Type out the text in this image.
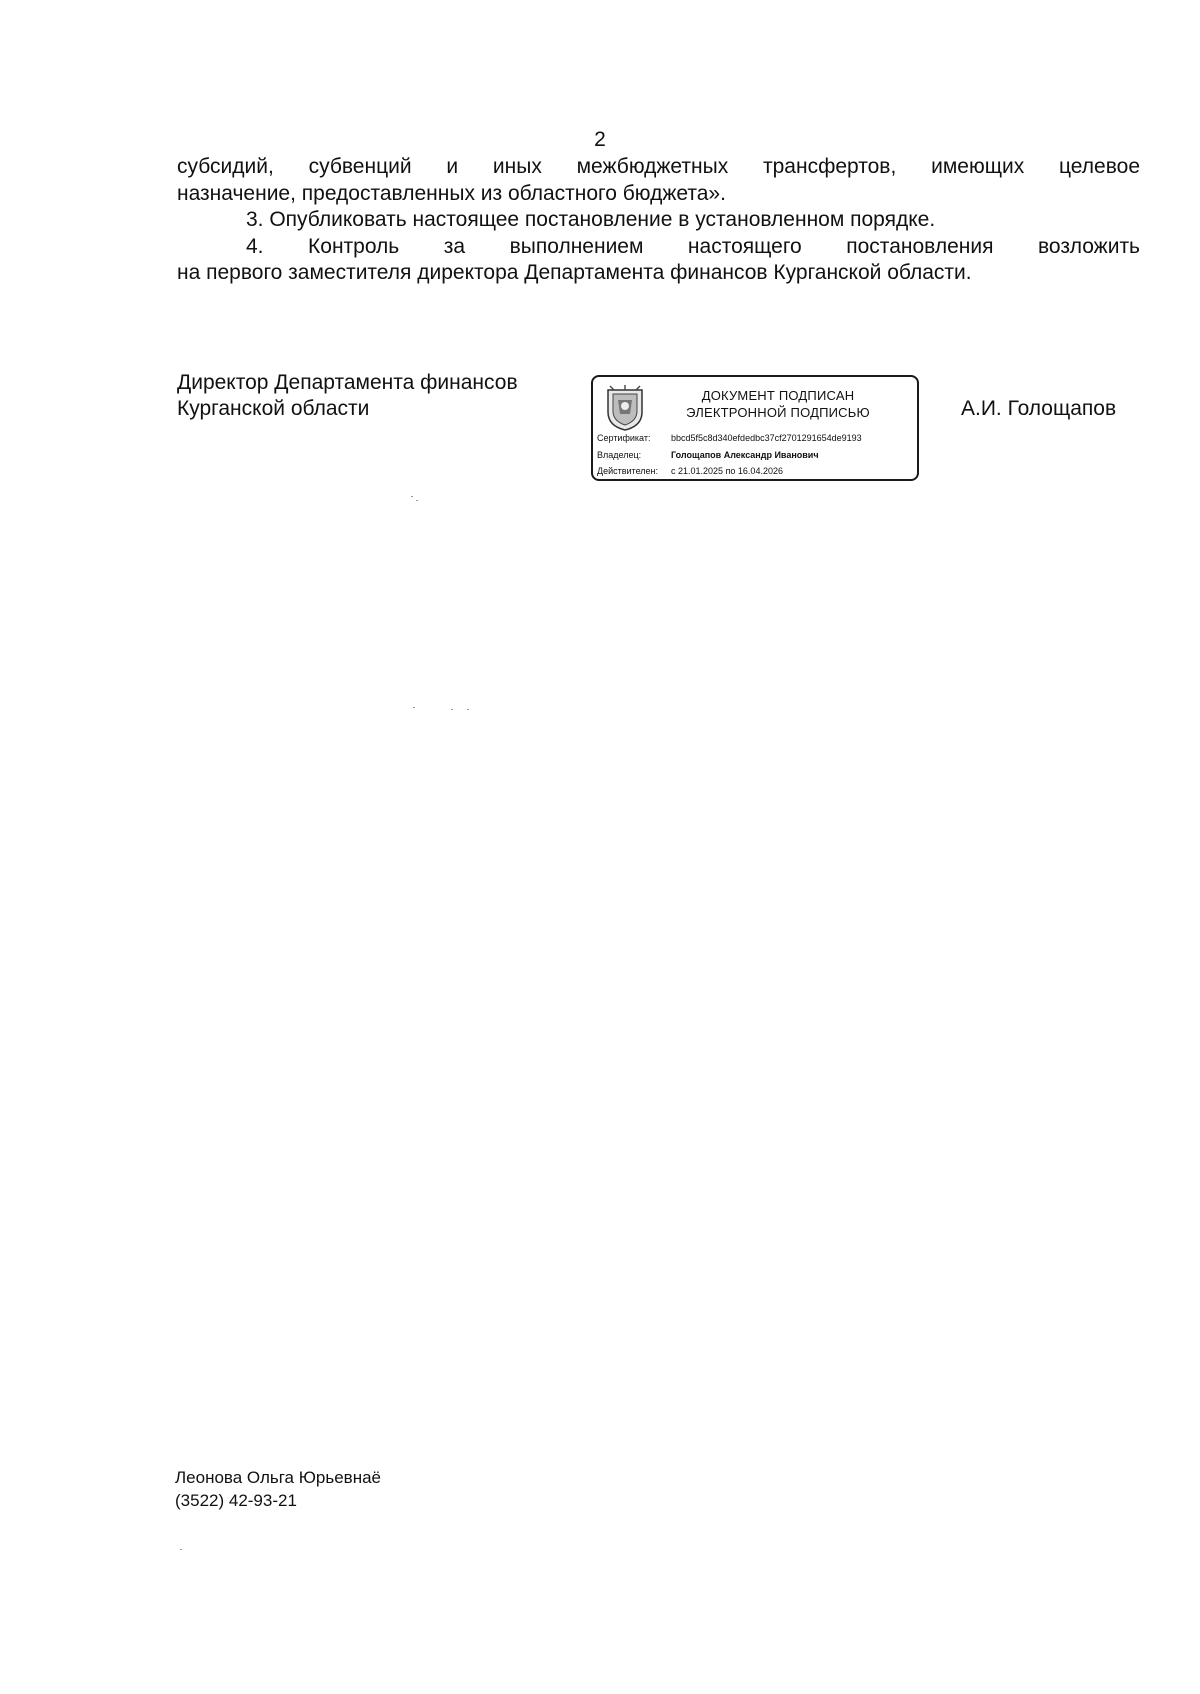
2

субсидий, субвенций и иных межбюджетных трансфертов, имеющих целевое

назначение, предоставленных из областного бюджета».

3. Опубликовать настоящее постановление в установленном порядке.

4. Контроль за выполнением настоящего постановления возложить

на первого заместителя директора Департамента финансов Курганской области.

Директор Департамента финансов
Курганской области
ДОКУМЕНТ ПОДПИСАН
ЭЛЕКТРОННОЙ ПОДПИСЬЮ
Сертификат: bbcd5f5c8d340efdedbc37cf2701291654de9193
Владелец:	Голощапов Александр Иванович
Действителен: с 21.01.2025 по 16.04.2026
А.И. Голощапов
Леонова Ольга Юрьевнаё
(3522) 42-93-21
